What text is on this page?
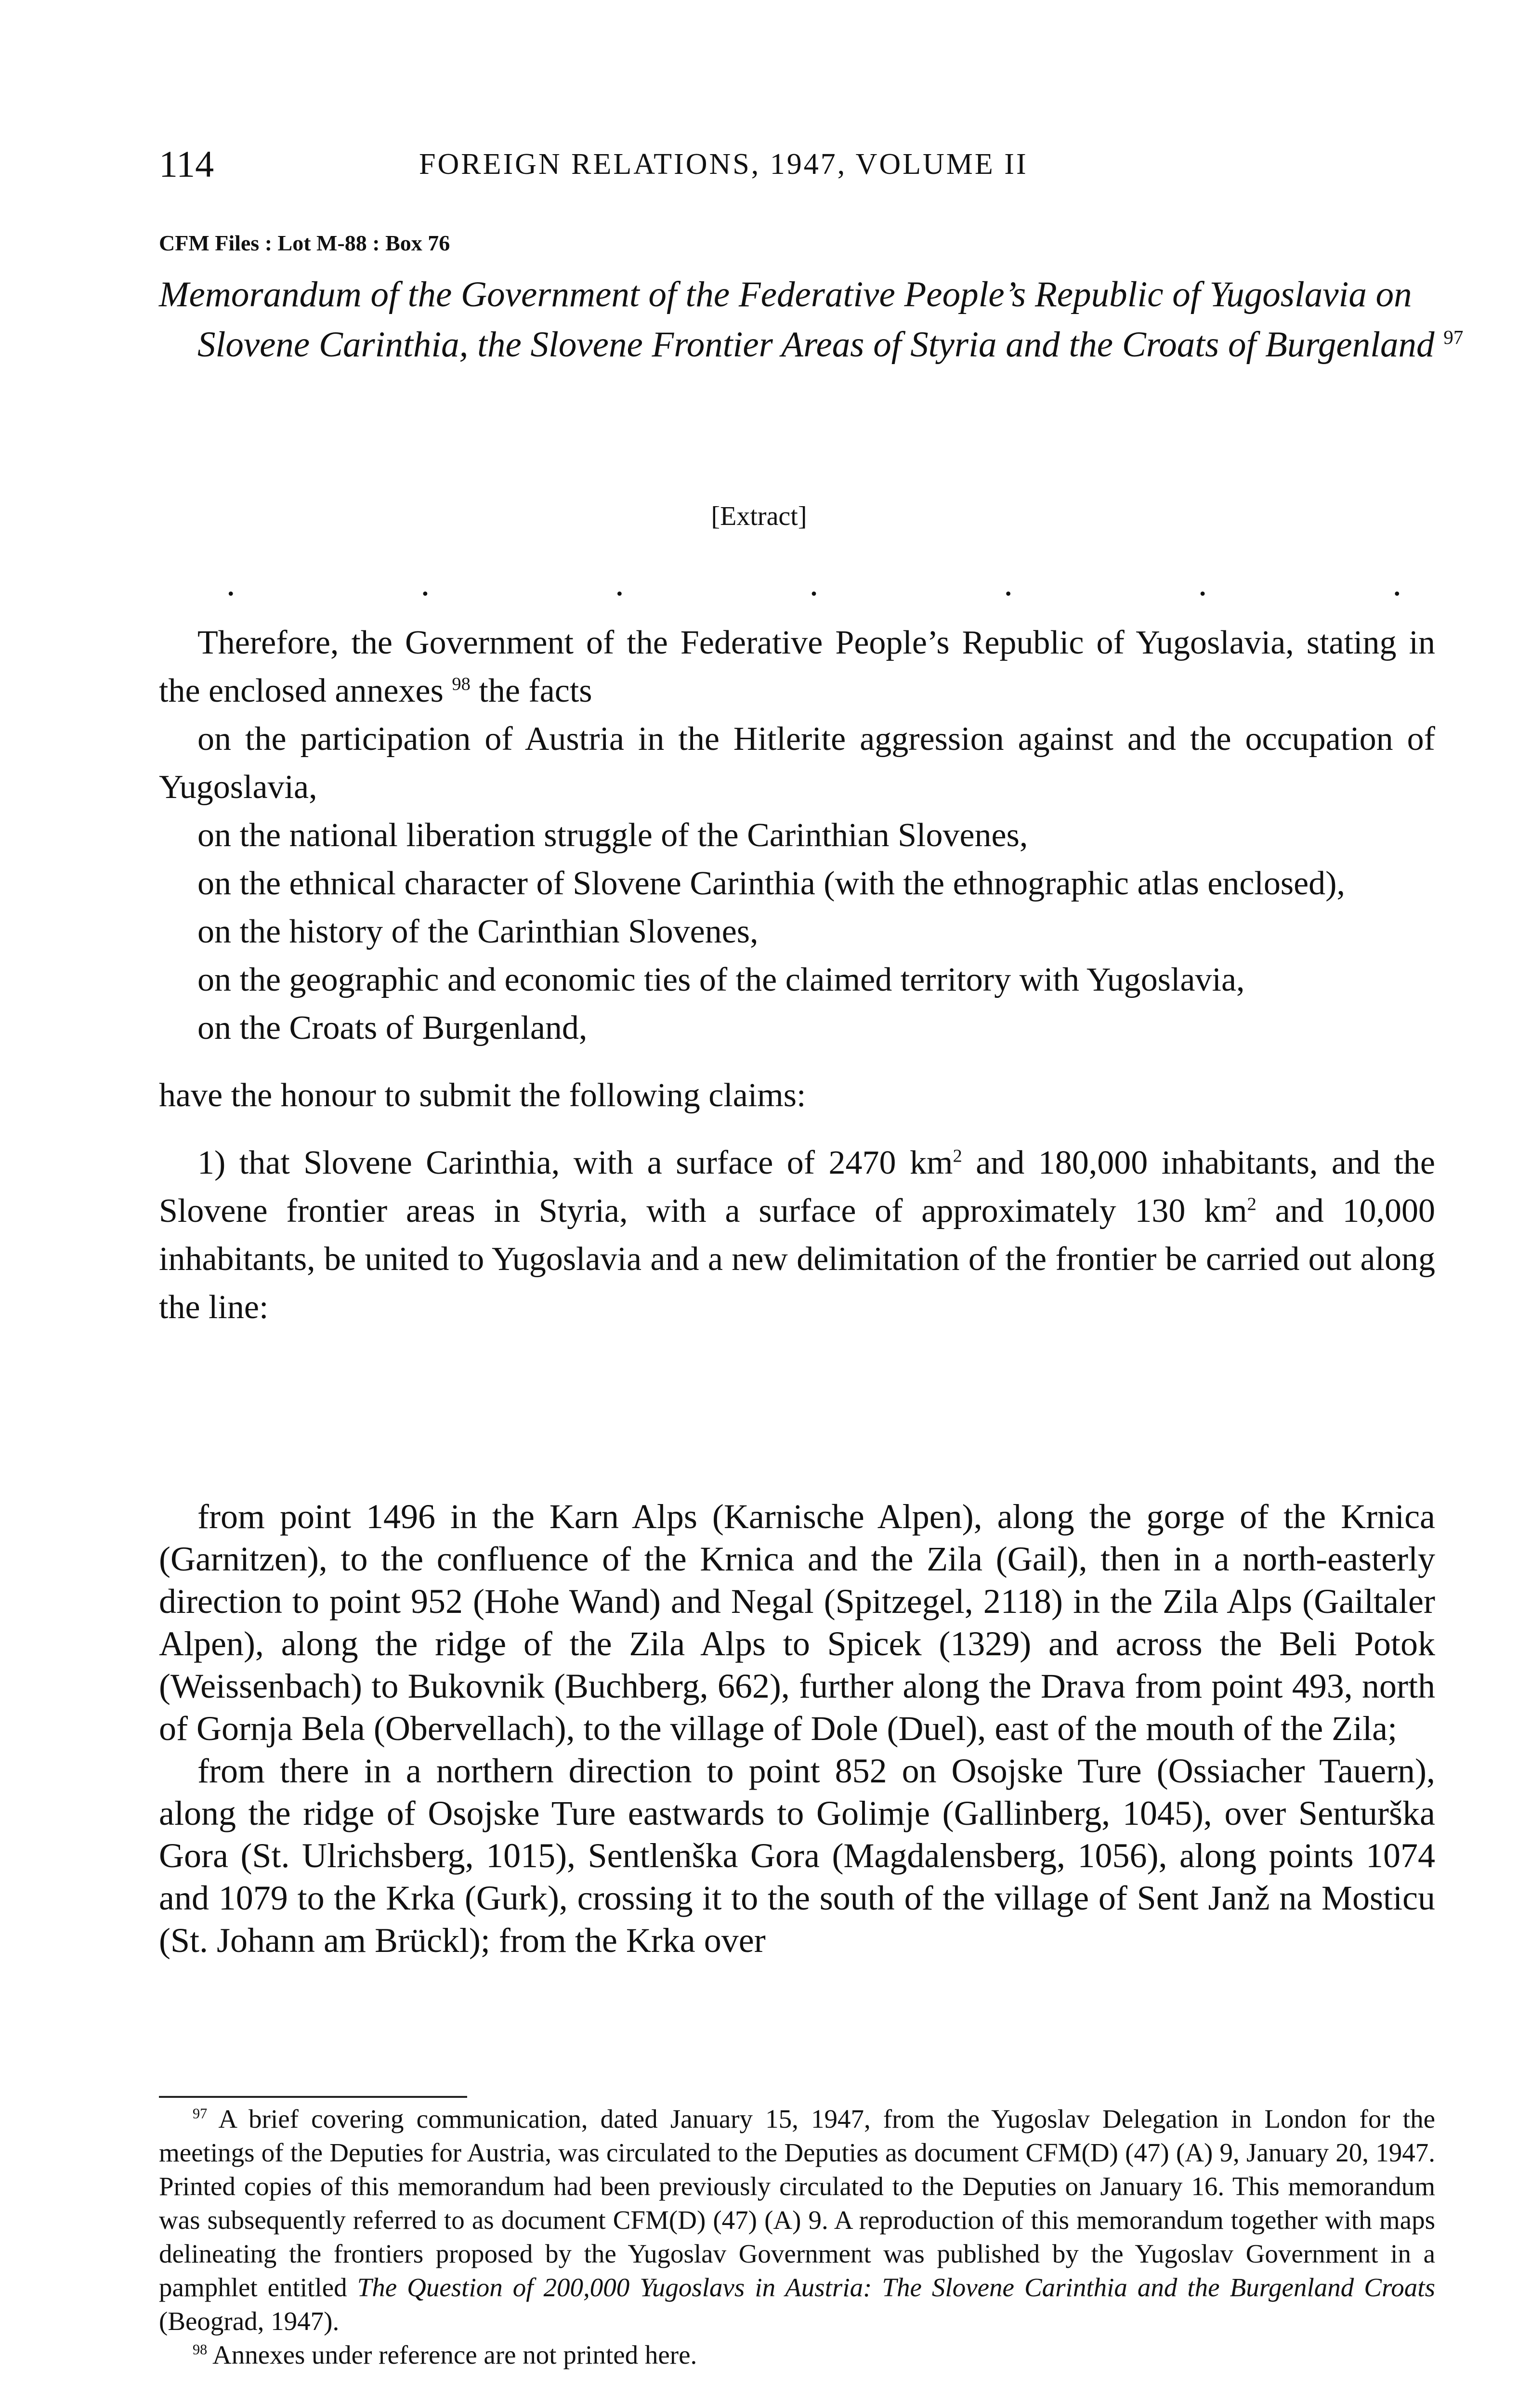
114	FOREIGN RELATIONS, 1947, VOLUME II
CFM Files : Lot M-88 : Box 76
Memorandum of the Government of the Federative People’s Republic of Yugoslavia on Slovene Carinthia, the Slovene Frontier Areas of Styria and the Croats of Burgenland $^{97}$
[Extract]
.	.	.	.	.	.	.

Therefore, the Government of the Federative People’s Republic of Yugoslavia, stating in the enclosed annexes $^{98}$ the facts

on the participation of Austria in the Hitlerite aggression against and the occupation of Yugoslavia,

on the national liberation struggle of the Carinthian Slovenes,

on the ethnical character of Slovene Carinthia (with the ethnographic atlas enclosed),

on the history of the Carinthian Slovenes,

on the geographic and economic ties of the claimed territory with Yugoslavia,

on the Croats of Burgenland,

have the honour to submit the following claims:

1) that Slovene Carinthia, with a surface of 2470 $km^2$ and 180,000 inhabitants, and the Slovene frontier areas in Styria, with a surface of approximately 130 $km^2$ and 10,000 inhabitants, be united to Yugoslavia and a new delimitation of the frontier be carried out along the line:

from point 1496 in the Karn Alps (Karnische Alpen), along the gorge of the Krnica (Garnitzen), to the confluence of the Krnica and the Zila (Gail), then in a north-easterly direction to point 952 (Hohe Wand) and Negal (Spitzegel, 2118) in the Zila Alps (Gailtaler Alpen), along the ridge of the Zila Alps to Spicek (1329) and across the Beli Potok (Weissenbach) to Bukovnik (Buchberg, 662), further along the Drava from point 493, north of Gornja Bela (Obervellach), to the village of Dole (Duel), east of the mouth of the Zila;

from there in a northern direction to point 852 on Osojske Ture (Ossiacher Tauern), along the ridge of Osojske Ture eastwards to Golimje (Gallinberg, 1045), over Senturška Gora (St. Ulrichsberg, 1015), Sentlenška Gora (Magdalensberg, 1056), along points 1074 and 1079 to the Krka (Gurk), crossing it to the south of the village of Sent Janž na Mosticu (St. Johann am Brückl); from the Krka over

$^{97}$ A brief covering communication, dated January 15, 1947, from the Yugoslav Delegation in London for the meetings of the Deputies for Austria, was circulated to the Deputies as document CFM(D) (47) (A) 9, January 20, 1947. Printed copies of this memorandum had been previously circulated to the Deputies on January 16. This memorandum was subsequently referred to as document CFM(D) (47) (A) 9. A reproduction of this memorandum together with maps delineating the frontiers proposed by the Yugoslav Government was published by the Yugoslav Government in a pamphlet entitled The Question of 200,000 Yugoslavs in Austria: The Slovene Carinthia and the Burgenland Croats (Beograd, 1947).

$^{98}$ Annexes under reference are not printed here.
